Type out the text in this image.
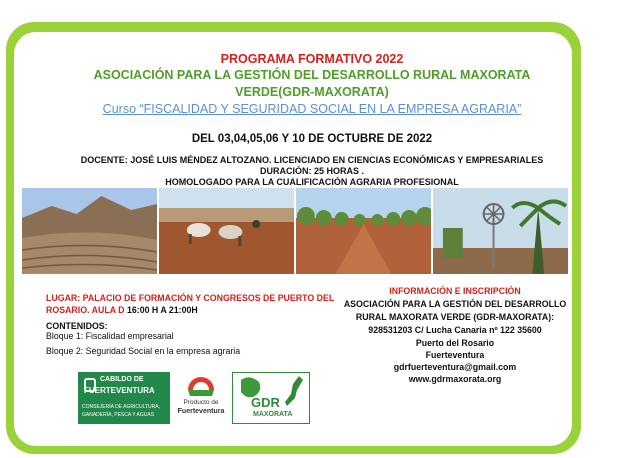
PROGRAMA FORMATIVO 2022
ASOCIACIÓN PARA LA GESTIÓN DEL DESARROLLO RURAL MAXORATA
VERDE(GDR-MAXORATA)
Curso “FISCALIDAD Y SEGURIDAD SOCIAL EN LA EMPRESA AGRARIA”
DEL 03,04,05,06 Y 10 DE OCTUBRE DE 2022
DOCENTE: JOSÉ LUIS MÉNDEZ ALTOZANO. LICENCIADO EN CIENCIAS ECONÓMICAS Y EMPRESARIALES
DURACIÓN: 25 HORAS .
HOMOLOGADO PARA LA CUALIFICACIÓN AGRARIA PROFESIONAL
LUGAR: PALACIO DE FORMACIÓN Y CONGRESOS DE PUERTO DEL
ROSARIO. AULA D 16:00 H A 21:00H
CONTENIDOS:
Bloque 1: Fiscalidad empresarial
Bloque 2: Seguridad Social en la empresa agraria
INFORMACIÓN E INSCRIPCIÓN
ASOCIACIÓN PARA LA GESTIÓN DEL DESARROLLO
RURAL MAXORATA VERDE (GDR-MAXORATA):
928531203 C/ Lucha Canaria nº 122 35600
Puerto del Rosario
Fuerteventura
gdrfuerteventura@gmail.com
www.gdrmaxorata.org
CABILDO DE
FUERTEVENTURA
CONSEJERÍA DE AGRICULTURA,
GANADERÍA, PESCA Y AGUAS
Producto de
Fuerteventura
GDR
MAXORATA
